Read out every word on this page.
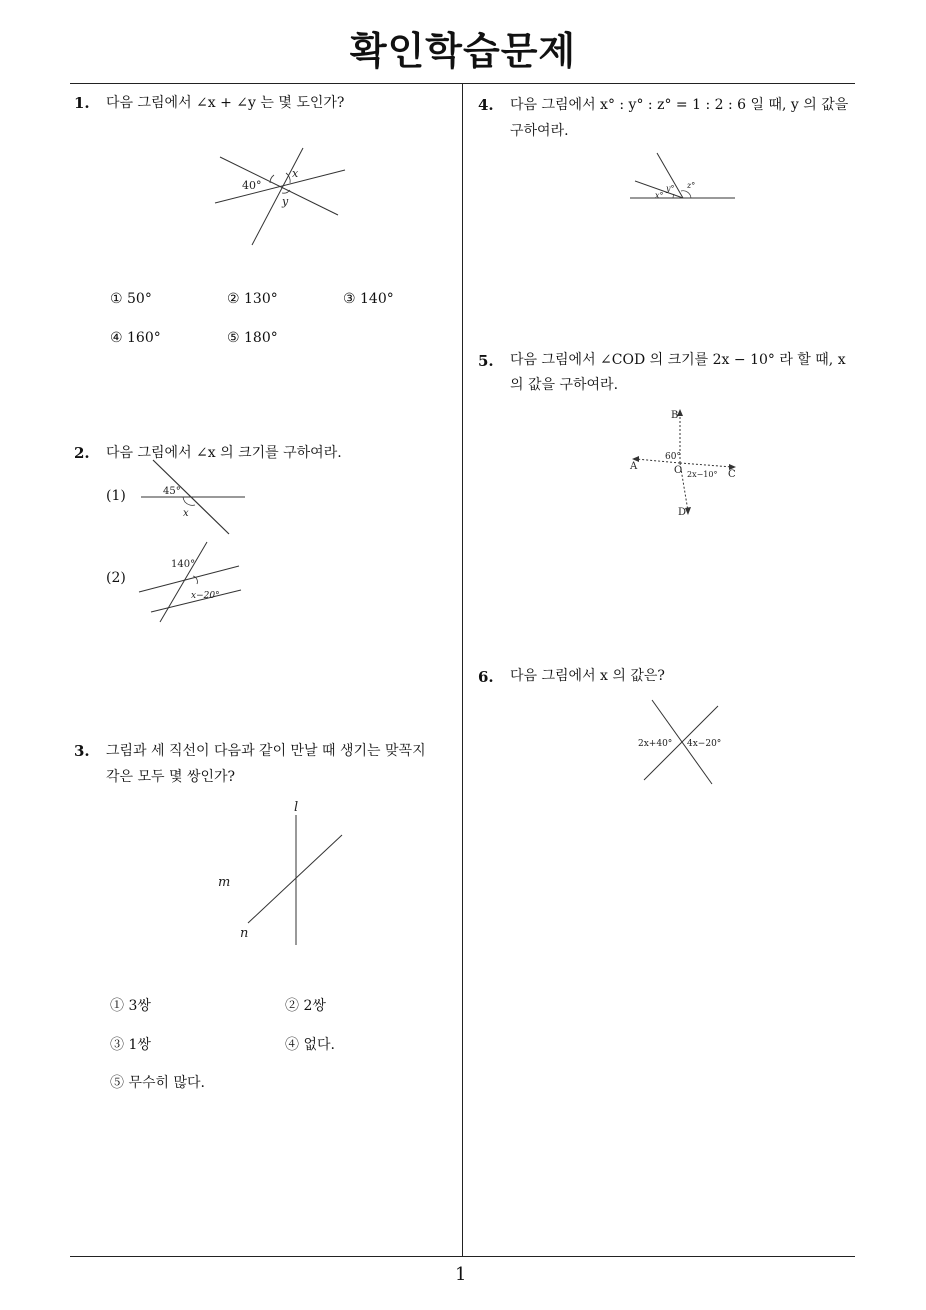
확인학습문제
1
1. 다음 그림에서 ∠x + ∠y 는 몇 도인가?
40°
x
y
① 50°	② 130°	③ 140°
④ 160°	⑤ 180°
2. 다음 그림에서 ∠x 의 크기를 구하여라.
(1)	45°
x
(2)
140°
x−20°
3. 그림과 세 직선이 다음과 같이 만날 때 생기는 맞꼭지
각은 모두 몇 쌍인가?
l
m
n
① 3쌍	② 2쌍
③ 1쌍	④ 없다.
⑤ 무수히 많다.
4. 다음 그림에서 x° : y° : z° = 1 : 2 : 6 일 때, y 의 값을
구하여라.
x°
y° z°
5. 다음 그림에서 ∠COD 의 크기를 2x − 10° 라 할 때, x
의 값을 구하여라.
B
A
C
D
O
60°
2x−10°
6. 다음 그림에서 x 의 값은?
2x+40° 4x−20°
